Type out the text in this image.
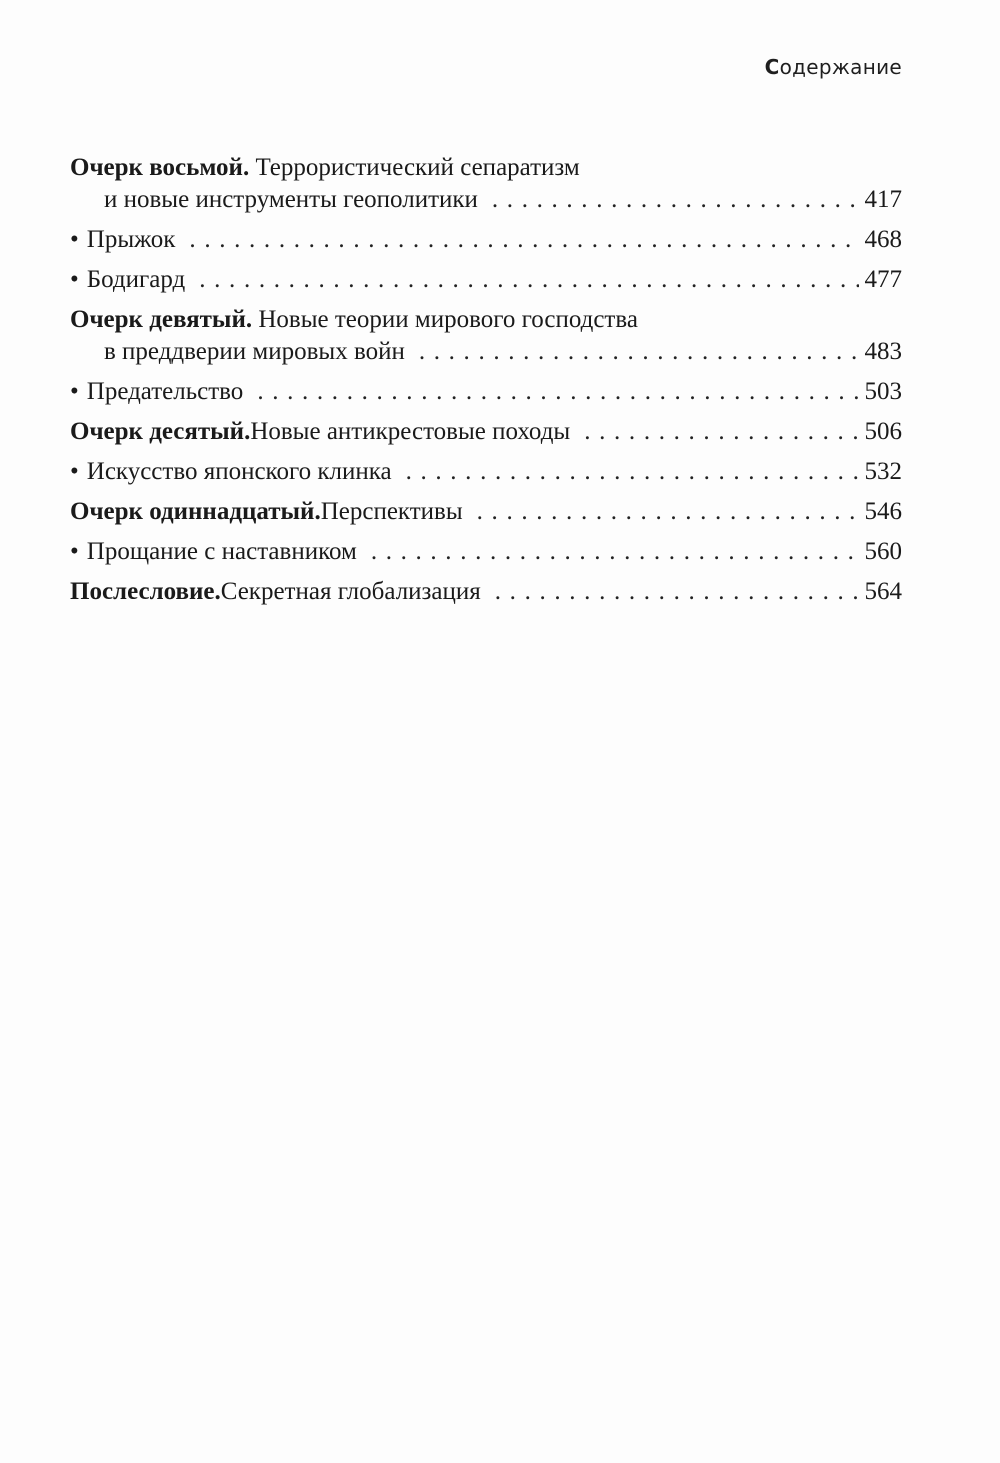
Содержание
Очерк восьмой. Террористический сепаратизм
и новые инструменты геополитики . . .	417
• Прыжок . . .	468
• Бодигард . . .	477
Очерк девятый. Новые теории мирового господства
в преддверии мировых войн . . .	483
• Предательство . . .	503
Очерк десятый. Новые антикрестовые походы . . .	506
• Искусство японского клинка . . .	532
Очерк одиннадцатый. Перспективы . . .	546
• Прощание с наставником . . .	560
Послесловие. Секретная глобализация . . .	564
